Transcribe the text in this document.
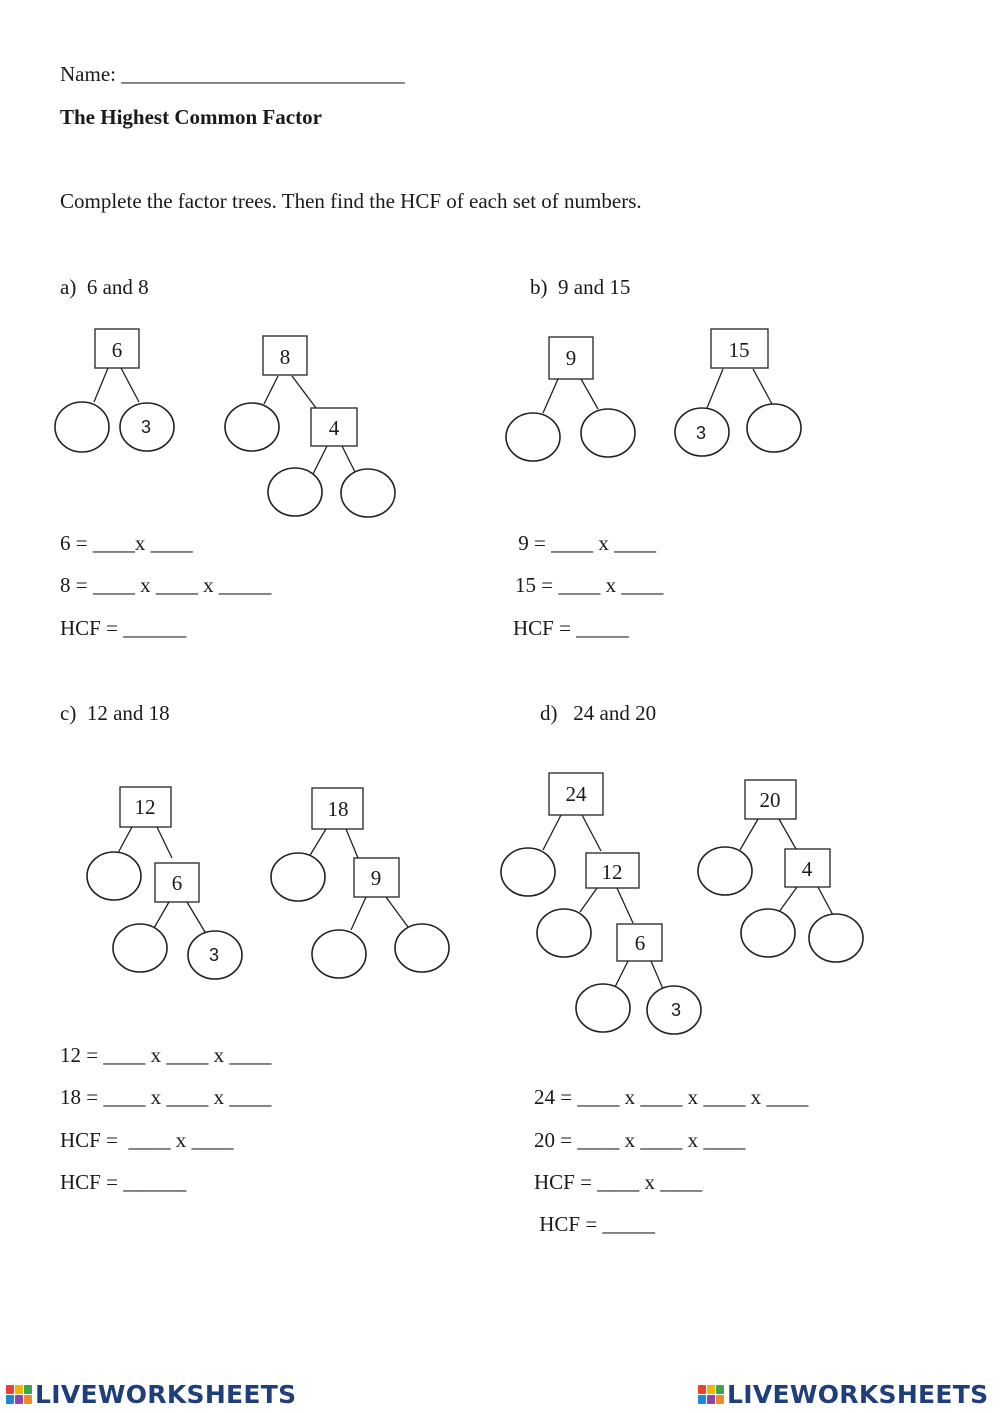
Name: ___________________________
The Highest Common Factor
Complete the factor trees. Then find the HCF of each set of numbers.
a)  6 and 8	b)  9 and 15
c)  12 and 18	d)   24 and 20
6
3
8
4
9	15
3
12
6
3
18
9
24
12
6
3
20
4
6 = ____x ____
8 = ____ x ____ x _____
HCF = ______
9 = ____ x ____
15 = ____ x ____
HCF = _____
12 = ____ x ____ x ____
18 = ____ x ____ x ____
HCF =  ____ x ____
HCF = ______
24 = ____ x ____ x ____ x ____
20 = ____ x ____ x ____
HCF = ____ x ____
HCF = _____
LIVEWORKSHEETS	LIVEWORKSHEETS
